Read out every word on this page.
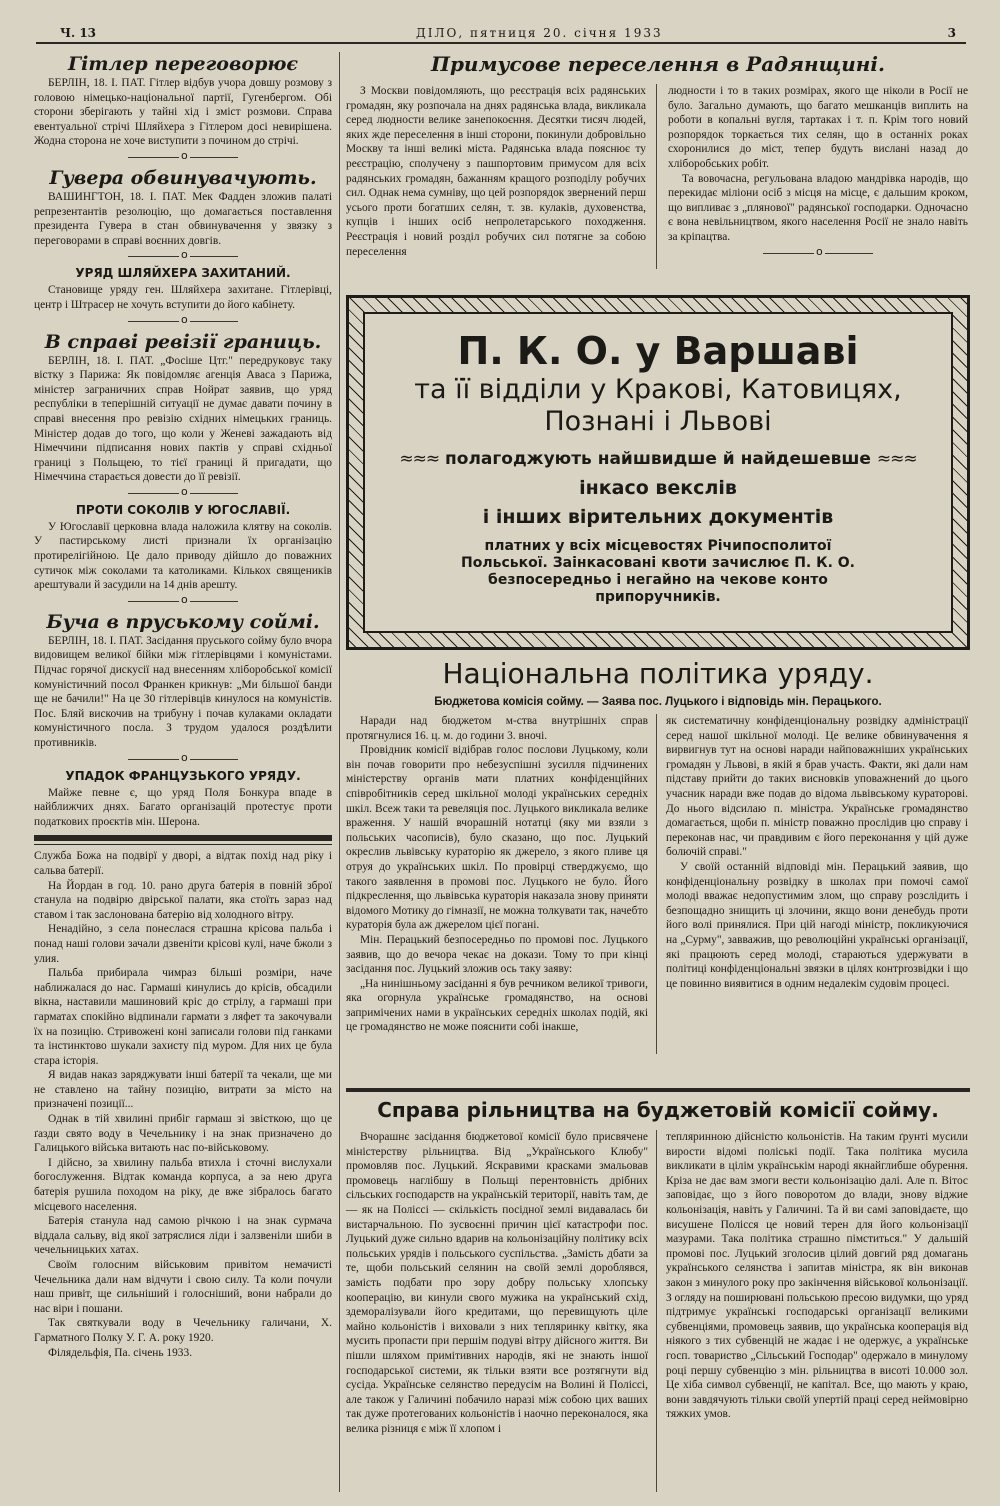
Ч. 13	ДІЛО, пятниця 20. січня 1933	3
Гітлер переговорює

БЕРЛІН, 18. І. ПАТ. Гітлер відбув учора довшу розмову з головою німецько-національної партії, Гугенбергом. Обі сторони зберігають у тайні хід і зміст розмови. Справа евентуальної стрічі Шляйхера з Гітлером досі невирішена. Жодна сторона не хоче виступити з почином до стрічі.

o
Гувера обвинувачують.

ВАШИНГТОН, 18. І. ПАТ. Мек Фадден зложив палаті репрезентантів резолюцію, що домагається поставлення президента Гувера в стан обвинувачення у звязку з переговорами в справі воєнних довгів.

o
УРЯД ШЛЯЙХЕРА ЗАХИТАНИЙ.

Становище уряду ген. Шляйхера захитане. Гітлерівці, центр і Штрасер не хочуть вступити до його кабінету.

o
В справі ревізії границь.

БЕРЛІН, 18. І. ПАТ. „Фосіше Цтг." передруковує таку вістку з Парижа: Як повідомляє агенція Аваса з Парижа, міністер заграничних справ Нойрат заявив, що уряд республіки в теперішній ситуації не думає давати почину в справі внесення про ревізію східних німецьких границь. Міністер додав до того, що коли у Женеві зажадають від Німеччини підписання нових пактів у справі східньої границі з Польщею, то тієї границі й пригадати, що Німеччина старається довести до її ревізії.

o
ПРОТИ СОКОЛІВ У ЮГОСЛАВІЇ.

У Югославії церковна влада наложила клятву на соколів. У пастирському листі признали їх організацію протирелігійною. Це дало приводу дійшло до поважних сутичок між соколами та католиками. Кількох священиків арештували й засудили на 14 днів арешту.

o
Буча в пруському соймі.

БЕРЛІН, 18. І. ПАТ. Засідання пруського сойму було вчора видовищем великої бійки між гітлерівцями і комуністами. Підчас горячої дискусії над внесенням хліборобської комісії комуністичний посол Франкен крикнув: „Ми більшої банди ще не бачили!" На це 30 гітлерівців кинулося на комуністів. Пос. Бляй вискочив на трибуну і почав кулаками окладати комуністичного посла. З трудом удалося роздѣлити противників.

o
УПАДОК ФРАНЦУЗЬКОГО УРЯДУ.

Майже певне є, що уряд Поля Бонкура впаде в найближчих днях. Багато організацій протестує проти податкових проєктів мін. Шерона.

Служба Божа на подвірї у дворі, а відтак похід над ріку і сальва батерії.

На Йордан в год. 10. рано друга батерія в повній зброї станула на подвірю двірської палати, яка стоїть зараз над ставом і так заслонована батерію від холодного вітру.

Ненадійно, з села понеслася страшна крісова пальба і понад нашi голови зачали дзвеніти крісові кулі, наче бжоли з улия.

Пальба прибирала чимраз більші розміри, наче наближалася до нас. Гармаші кинулись до крісів, обсадили вікна, наставили машиновий кріс до стрілу, а гармаші при гарматах спокійно відпинали гармати з ляфет та закочували їх на позицію. Стривожені коні записали голови під ганками та інстинктово шукали захисту під муром. Для них це була стара історія.

Я видав наказ заряджувати інші батерії та чекали, ще ми не ставлено на тайну позицію, витрати за місто на призначені позиції...

Однак в тій хвилині прибіг гармаш зі звісткою, що це ґазди свято воду в Чечельнику і на знак призначено до Галицького війська витають нас по-військовому.

І дійсно, за хвилину пальба втихла і сточні вислухали богослуження. Відтак команда корпуса, а за нею друга батерія рушила походом на ріку, де вже зібралось багато місцевого населення.

Батерія станула над самою річкою і на знак сурмача віддала сальву, від якої затряслися ліди і залзвеніли шиби в чечельницьких хатах.

Своїм голосним військовим привітом немачисті Чечельника дали нам відчути і свою силу. Та коли почули наш привіт, ще сильніший і голосніший, вони набрали до нас віри і пошани.

Так святкували воду в Чечельнику галичани, Х. Гарматного Полку У. Г. А. року 1920.

Філядельфія, Па. січень 1933.

Примусове переселення в Радянщині.

З Москви повідомляють, що реєстрація всіх радянських громадян, яку розпочала на днях радянська влада, викликала серед людности велике занепокоєння. Десятки тисяч людей, яких жде переселення в інші сторони, покинули добровільно Москву та інші великі міста. Радянська влада пояснює ту реєстрацію, сполучену з пашпортовим примусом для всіх радянських громадян, бажанням кращого розподілу робучих сил. Однак нема сумніву, що цей розпорядок звернений перш усього проти богатших селян, т. зв. кулаків, духовенства, купців і інших осіб непролетарського походження. Реєстрація і новий розділ робучих сил потягне за собою переселення

людности і то в таких розмірах, якого ще ніколи в Росії не було. Загально думають, що багато мешканців виплить на роботи в копальні вугля, тартаках і т. п. Крім того новий розпорядок торкається тих селян, що в останніх роках схоронилися до міст, тепер будуть висланi назад до хліборобських робіт.

Та вовочасна, регульована владою мандрівка народів, що перекидає міліони осіб з місця на місце, є дальшим кроком, що випливає з „плянової" радянської господарки. Одночасно є вона невільництвом, якого населення Росії не знало навіть за кріпацтва.

o
П. К. О. у Варшаві
та її відділи у Кракові, Катовицях,
Познані і Львові
≈≈≈ полагоджують найшвидше й найдешевше ≈≈≈
інкасо векслів
і інших вірительних документів
платних у всіх місцевостях Річипосполитої Польської. Заінкасовані квоти зачислює П. К. О. безпосередньо і негайно на чекове конто припоручників.
Національна політика уряду.
Бюджетова комісія сойму. — Заява пос. Луцького і відповідь мін. Перацького.

Наради над бюджетом м-ства внутрішніх справ протягнулися 16. ц. м. до години 3. вночі.

Провідник комісії відібрав голос послови Луцькому, коли він почав говорити про небезуспішні зусилля підчинених міністерству органів мати платних конфіденційних співробітників серед шкільної молоді українських середніх шкіл. Всеж таки та ревеляція пос. Луцького викликала велике враження. У нашій вчорашній нотатці (яку ми взяли з польських часописів), було сказано, що пос. Луцький окреслив львівську кураторію як джерело, з якого пливе ця отруя до українських шкіл. По провірці стверджуємо, що такого заявлення в промові пос. Луцького не було. Його підкреслення, що львівська кураторія наказала знову приняти відомого Мотику до гімназії, не можна толкувати так, начебто кураторія була аж джерелом цієї погані.

Мін. Перацький безпосередньо по промові пос. Луцького заявив, що до вечора чекає на докази. Тому то при кінці засідання пос. Луцький зложив ось таку заяву:

„На нинішньому засіданні я був речником великої тривоги, яка огорнула українське громадянство, на основі запримічених нами в українських середніх школах подій, які це громадянство не може пояснити собі інакше,

як систематичну конфіденціональну розвідку адміністрації серед нашої шкільної молоді. Це велике обвинувачення я вирвигнув тут на основі наради найповажніших українських громадян у Львові, в якій я брав участь. Факти, які дали нам підставу прийти до таких висновків уповажнений до цього учасник наради вже подав до відома львівському кураторові. До нього відсилаю п. міністра. Українське громадянство домагається, щоби п. міністр поважно прослідив цю справу і переконав нас, чи правдивим є його переконання у цій дуже болючій справі."

У своїй останній відповіді мін. Перацький заявив, що конфіденціональну розвідку в школах при помочі самої молоді вважає недопустимим злом, що справу розслідить і безпощадно знищить ці злочини, якщо вони денебудь проти його волі принялися. При цій нагоді міністр, покликуючися на „Сурму", завважив, що революційні українські організації, які працюють серед молоді, стараються удержувати в політиці конфіденціональні звязки в цілях контрrозвідки і що це повинно виявитися в одним недалекім судовім процесі.

Справа рільництва на буджетовій комісії сойму.

Вчорашнє засідання бюджетової комісії було присвячене міністерству рільництва. Від „Українського Клюбу" промовляв пос. Луцький. Яскравими красками змальовав промовець наглібшу в Польщі перентовність дрібних сільських господарств на українській території, навіть там, де — як на Поліссі — скількість посідної землі видавалась би вистарчальною. По зусвоєнні причин цієї катастрофи пос. Луцький дуже сильно вдарив на кольонізаційну політику всіх польських урядів і польського суспільства. „Замість дбати за те, щоби польський селянин на своїй землі дороблявся, замість подбати про зору добру польську хлопську кооперацію, ви кинули свого мужика на український схід, здеморалізували його кредитами, що перевищують ціле майно кольоністів і виховали з них тепляринку квітку, яка мусить пропасти при першім подуві вітру дійсного життя. Ви пішли шляхом примітивних народів, які не знають іншої господарської системи, як тільки взяти все розтягнути від сусіда. Українське селянство передусім на Волині й Поліссі, але також у Галичині побачило наразі між собою цих ваших так дуже протегованих кольоністів і наочно переконалося, яка велика різниця є між її хлопом і

тепляринною дійсністю кольоністів. На таким ґрунті мусили вирости відомі поліські події. Така політика мусила викликати в цілім українськім народі якнайглибше обурення. Кріза не дає вам змоги вести кольонізацію далі. Але п. Вітос заповідає, що з його поворотом до влади, знову віджие кольонізація, навіть у Галичині. Та й ви самі заповідаєте, що висушене Полісся це новий терен для його кольонізації мазурами. Така політика страшно пімститься." У дальшій промові пос. Луцький зголосив цілий довгий ряд домагань українського селянства і запитав міністра, як він виконав закон з минулого року про закінчення військової кольонізації. З огляду на поширювані польською пресою видумки, що уряд підтримує українські господарські організації великими субвенціями, промовець заявив, що українська кооперація від ніякого з тих субвенцій не жадає і не одержує, а українське госп. товариство „Сільський Господар" одержало в минулому році першу субвенцію з мін. рільництва в висоті 10.000 зол. Це хіба символ субвенції, не капітал. Все, що мають у краю, вони завдячують тільки своїй упертій праці серед неймовірно тяжких умов.
